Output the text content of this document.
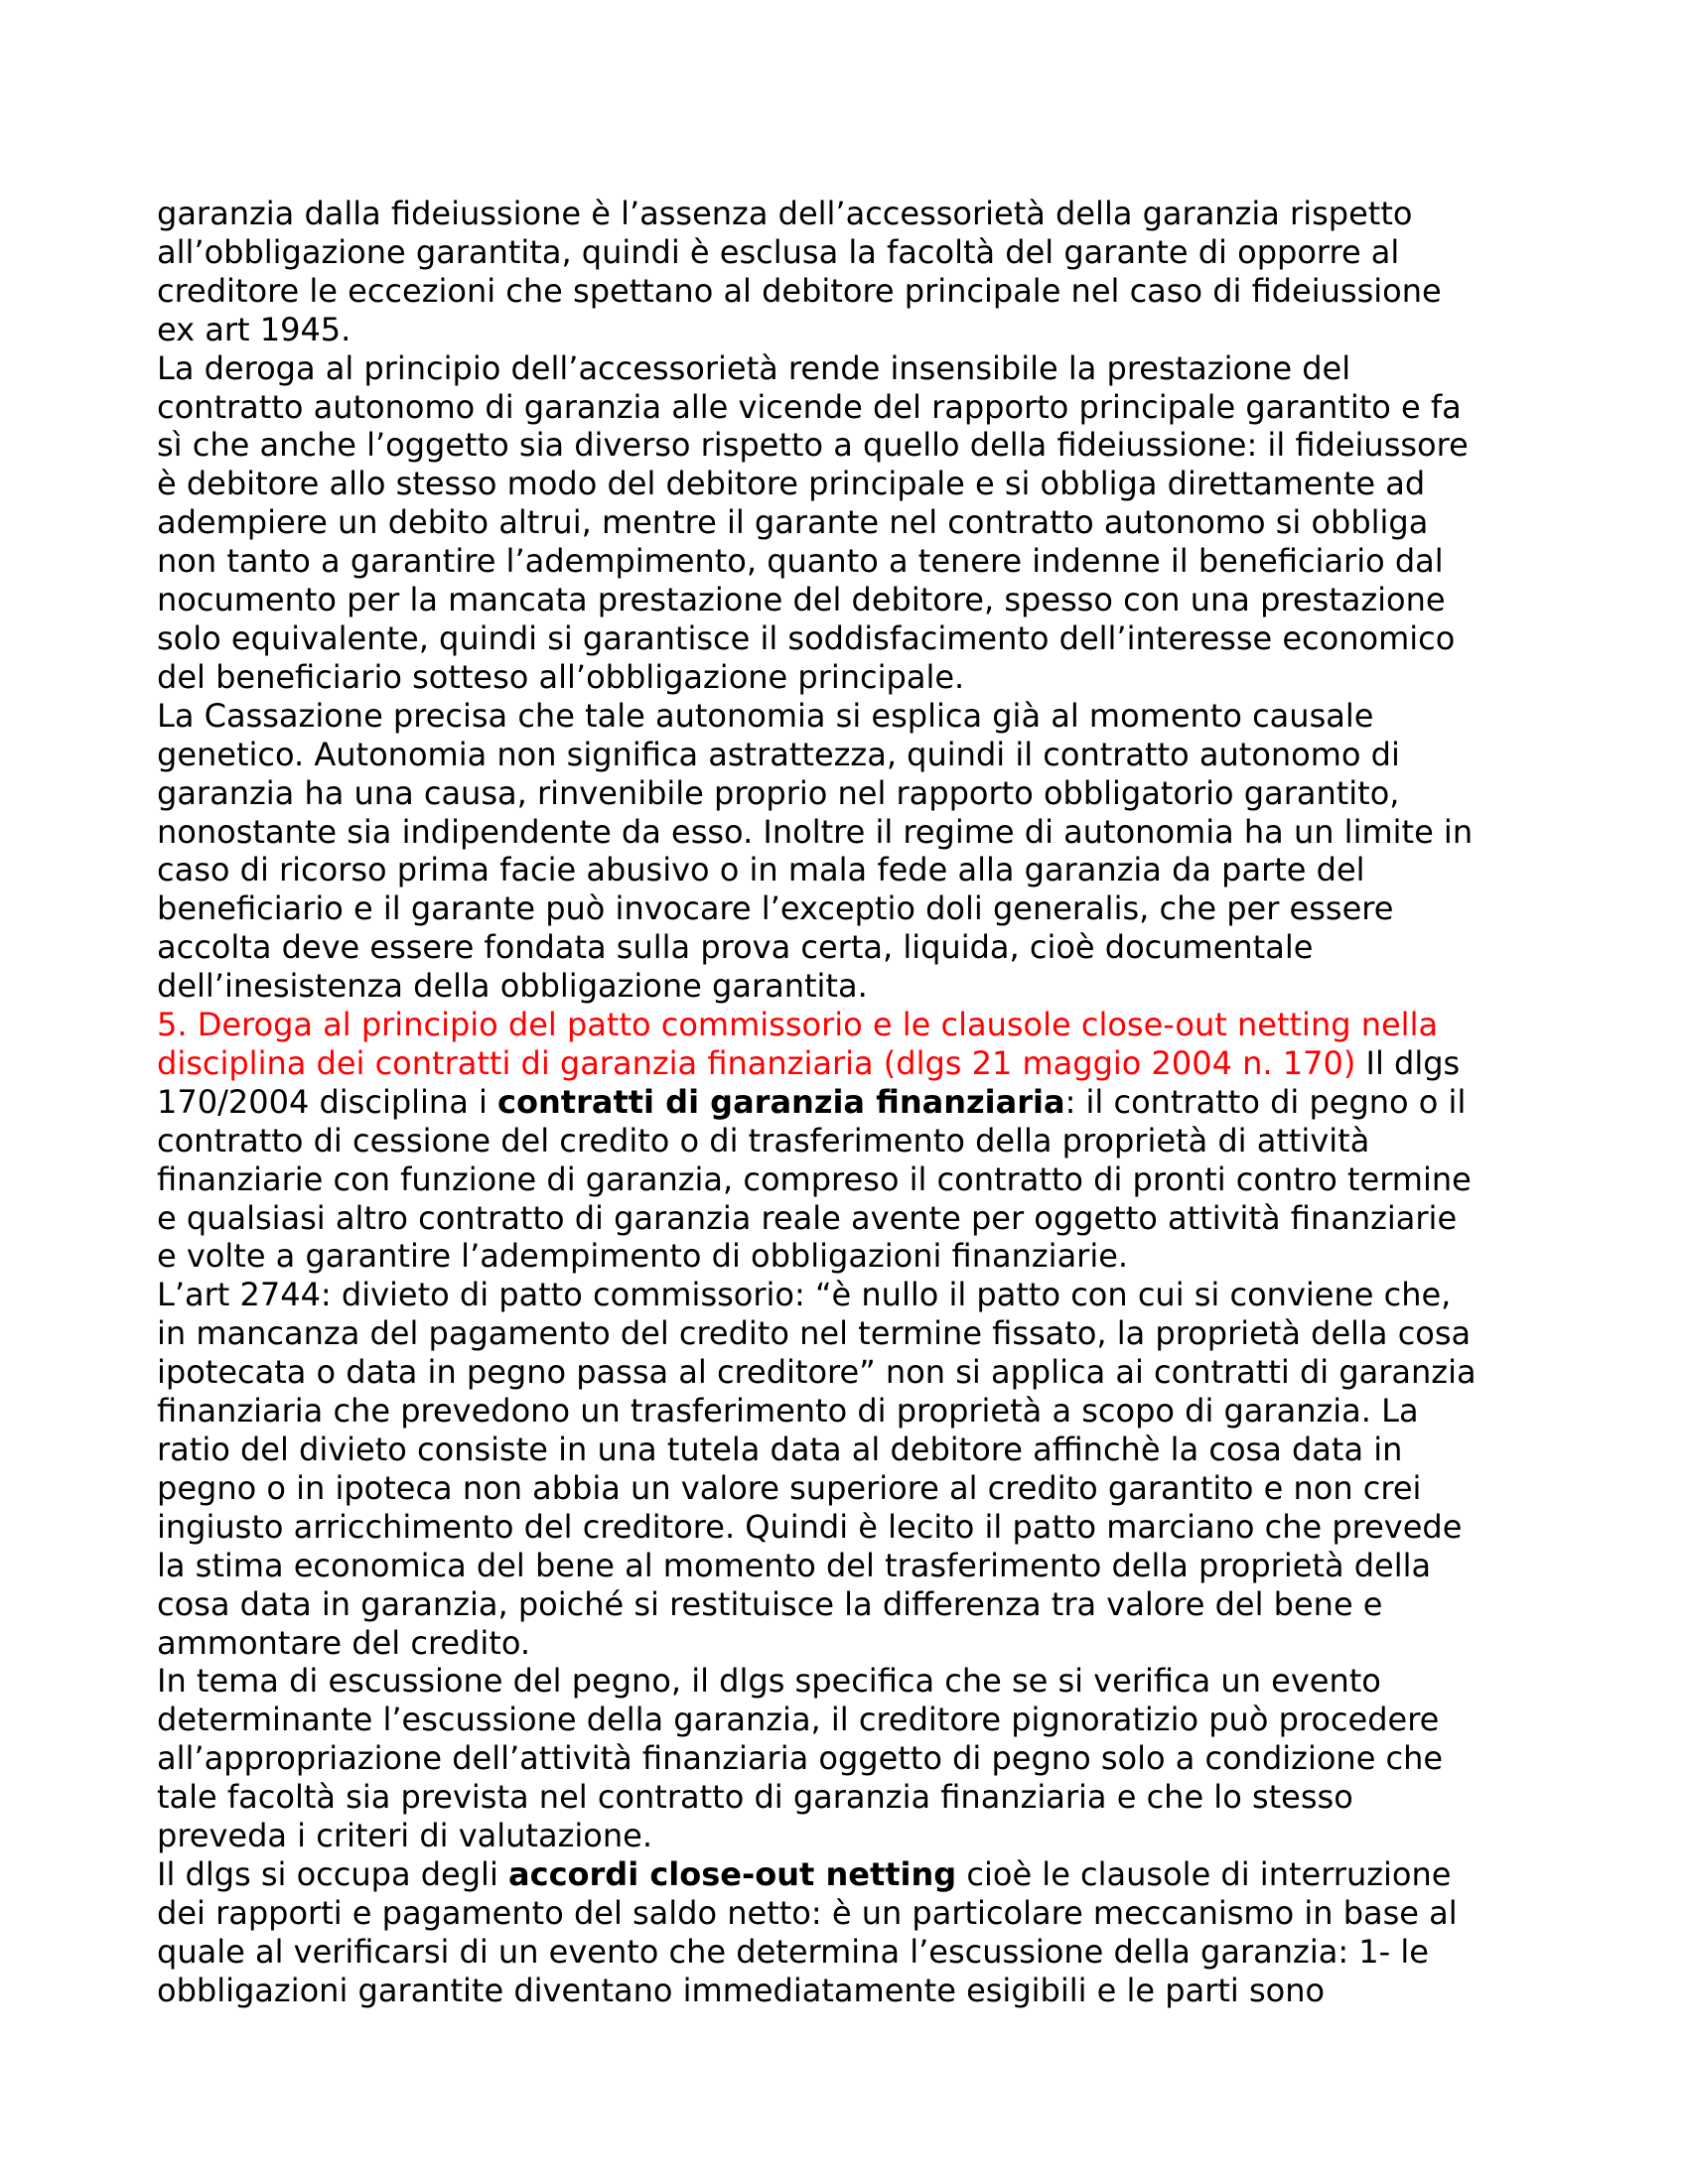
garanzia dalla fideiussione è l’assenza dell’accessorietà della garanzia rispetto
all’obbligazione garantita, quindi è esclusa la facoltà del garante di opporre al
creditore le eccezioni che spettano al debitore principale nel caso di fideiussione
ex art 1945.

La deroga al principio dell’accessorietà rende insensibile la prestazione del
contratto autonomo di garanzia alle vicende del rapporto principale garantito e fa
sì che anche l’oggetto sia diverso rispetto a quello della fideiussione: il fideiussore
è debitore allo stesso modo del debitore principale e si obbliga direttamente ad
adempiere un debito altrui, mentre il garante nel contratto autonomo si obbliga
non tanto a garantire l’adempimento, quanto a tenere indenne il beneficiario dal
nocumento per la mancata prestazione del debitore, spesso con una prestazione
solo equivalente, quindi si garantisce il soddisfacimento dell’interesse economico
del beneficiario sotteso all’obbligazione principale.

La Cassazione precisa che tale autonomia si esplica già al momento causale
genetico. Autonomia non significa astrattezza, quindi il contratto autonomo di
garanzia ha una causa, rinvenibile proprio nel rapporto obbligatorio garantito,
nonostante sia indipendente da esso. Inoltre il regime di autonomia ha un limite in
caso di ricorso prima facie abusivo o in mala fede alla garanzia da parte del
beneficiario e il garante può invocare l’exceptio doli generalis, che per essere
accolta deve essere fondata sulla prova certa, liquida, cioè documentale
dell’inesistenza della obbligazione garantita.

5. Deroga al principio del patto commissorio e le clausole close-out netting nella
disciplina dei contratti di garanzia finanziaria (dlgs 21 maggio 2004 n. 170) Il dlgs
170/2004 disciplina i contratti di garanzia finanziaria: il contratto di pegno o il
contratto di cessione del credito o di trasferimento della proprietà di attività
finanziarie con funzione di garanzia, compreso il contratto di pronti contro termine
e qualsiasi altro contratto di garanzia reale avente per oggetto attività finanziarie
e volte a garantire l’adempimento di obbligazioni finanziarie.

L’art 2744: divieto di patto commissorio: “è nullo il patto con cui si conviene che,
in mancanza del pagamento del credito nel termine fissato, la proprietà della cosa
ipotecata o data in pegno passa al creditore” non si applica ai contratti di garanzia
finanziaria che prevedono un trasferimento di proprietà a scopo di garanzia. La
ratio del divieto consiste in una tutela data al debitore affinchè la cosa data in
pegno o in ipoteca non abbia un valore superiore al credito garantito e non crei
ingiusto arricchimento del creditore. Quindi è lecito il patto marciano che prevede
la stima economica del bene al momento del trasferimento della proprietà della
cosa data in garanzia, poiché si restituisce la differenza tra valore del bene e
ammontare del credito.

In tema di escussione del pegno, il dlgs specifica che se si verifica un evento
determinante l’escussione della garanzia, il creditore pignoratizio può procedere
all’appropriazione dell’attività finanziaria oggetto di pegno solo a condizione che
tale facoltà sia prevista nel contratto di garanzia finanziaria e che lo stesso
preveda i criteri di valutazione.

Il dlgs si occupa degli accordi close-out netting cioè le clausole di interruzione
dei rapporti e pagamento del saldo netto: è un particolare meccanismo in base al
quale al verificarsi di un evento che determina l’escussione della garanzia: 1- le
obbligazioni garantite diventano immediatamente esigibili e le parti sono
